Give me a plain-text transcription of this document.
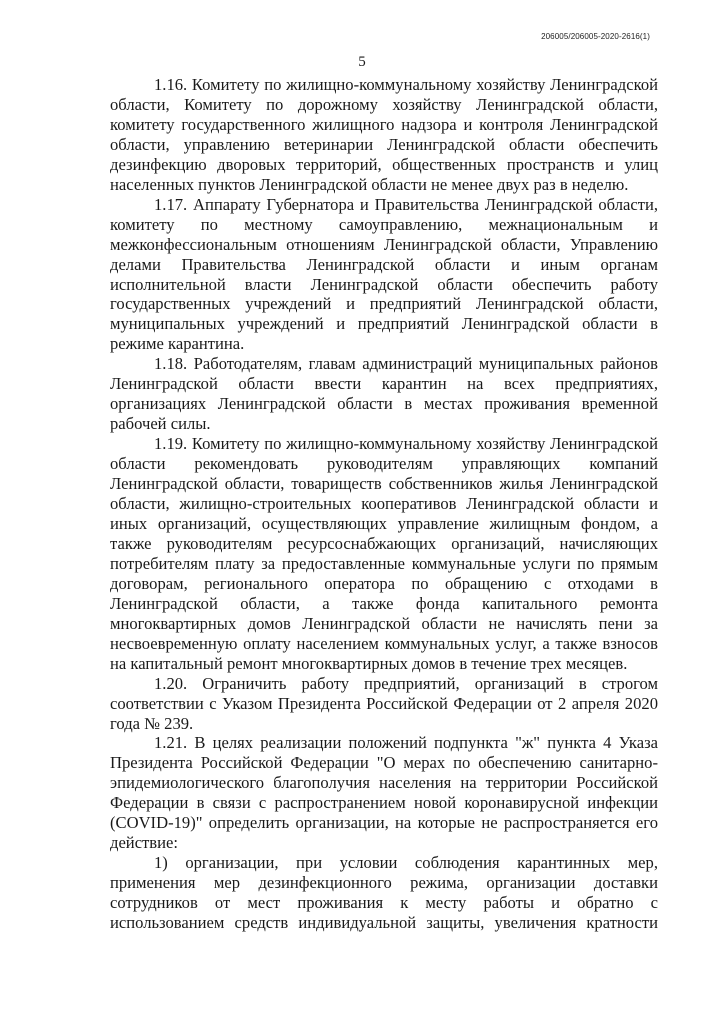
206005/206005-2020-2616(1)
5

1.16. Комитету по жилищно-коммунальному хозяйству Ленинградской области, Комитету по дорожному хозяйству Ленинградской области, комитету государственного жилищного надзора и контроля Ленинградской области, управлению ветеринарии Ленинградской области обеспечить дезинфекцию дворовых территорий, общественных пространств и улиц населенных пунктов Ленинградской области не менее двух раз в неделю.

1.17. Аппарату Губернатора и Правительства Ленинградской области, комитету по местному самоуправлению, межнациональным и межконфессиональным отношениям Ленинградской области, Управлению делами Правительства Ленинградской области и иным органам исполнительной власти Ленинградской области обеспечить работу государственных учреждений и предприятий Ленинградской области, муниципальных учреждений и предприятий Ленинградской области в режиме карантина.

1.18. Работодателям, главам администраций муниципальных районов Ленинградской области ввести карантин на всех предприятиях, организациях Ленинградской области в местах проживания временной рабочей силы.

1.19. Комитету по жилищно-коммунальному хозяйству Ленинградской области рекомендовать руководителям управляющих компаний Ленинградской области, товариществ собственников жилья Ленинградской области, жилищно-строительных кооперативов Ленинградской области и иных организаций, осуществляющих управление жилищным фондом, а также руководителям ресурсоснабжающих организаций, начисляющих потребителям плату за предоставленные коммунальные услуги по прямым договорам, регионального оператора по обращению с отходами в Ленинградской области, а также фонда капитального ремонта многоквартирных домов Ленинградской области не начислять пени за несвоевременную оплату населением коммунальных услуг, а также взносов на капитальный ремонт многоквартирных домов в течение трех месяцев.

1.20. Ограничить работу предприятий, организаций в строгом соответствии с Указом Президента Российской Федерации от 2 апреля 2020 года № 239.

1.21. В целях реализации положений подпункта "ж" пункта 4 Указа Президента Российской Федерации "О мерах по обеспечению санитарно-эпидемиологического благополучия населения на территории Российской Федерации в связи с распространением новой коронавирусной инфекции (COVID-19)" определить организации, на которые не распространяется его действие:

1) организации, при условии соблюдения карантинных мер, применения мер дезинфекционного режима, организации доставки сотрудников от мест проживания к месту работы и обратно с использованием средств индивидуальной защиты, увеличения кратности
